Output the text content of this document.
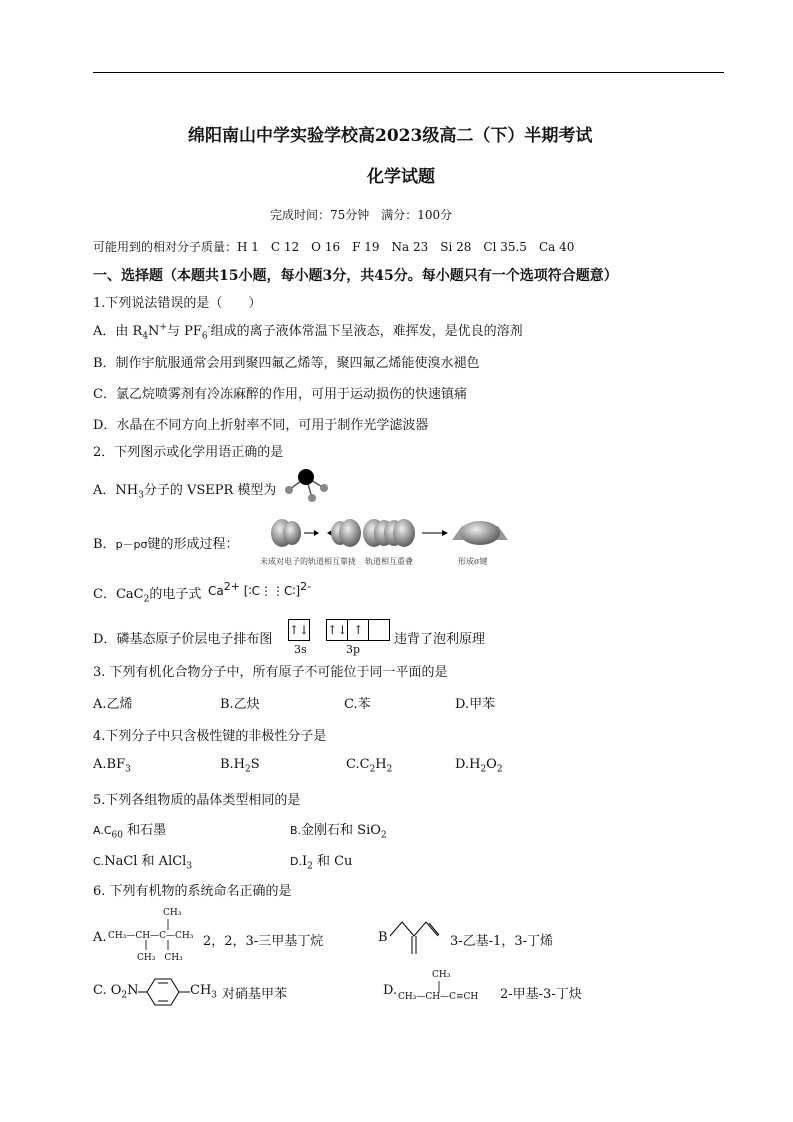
绵阳南山中学实验学校高2023级高二（下）半期考试
化学试题
完成时间：75分钟　满分：100分
可能用到的相对分子质量：H 1　C 12　O 16　F 19　Na 23　Si 28　Cl 35.5　Ca 40
一、选择题（本题共15小题，每小题3分，共45分。每小题只有一个选项符合题意）
1.下列说法错误的是（　　）
A．由 $R_4N^+$与 $PF_6^-$组成的离子液体常温下呈液态，难挥发，是优良的溶剂
B．制作宇航服通常会用到聚四氟乙烯等，聚四氟乙烯能使溴水褪色
C．氯乙烷喷雾剂有冷冻麻醉的作用，可用于运动损伤的快速镇痛
D．水晶在不同方向上折射率不同，可用于制作光学滤波器
2．下列图示或化学用语正确的是
A．$NH_3$分子的 VSEPR 模型为
B．p－pσ键的形成过程：
未成对电子的轨道相互靠拢 轨道相互重叠	形成σ键
C．CaC$_2$的电子式 $Ca^{2+}$ [∶C⋮⋮C∶]$^{2-}$
D．磷基态原子价层电子排布图
↑↓ ↑↓ ↑
3s	3p
违背了泡利原理
3. 下列有机化合物分子中，所有原子不可能位于同一平面的是
A.乙烯	B.乙炔	C.苯	D.甲苯
4.下列分子中只含极性键的非极性分子是
$A.BF_3$	$B.H_2S$	$C.C_2H_2$	$D.H_2O_2$
5.下列各组物质的晶体类型相同的是
$A.C_{60}$ 和石墨	B.金刚石和 SiO$_2$
C.NaCl 和 AlCl$_3$	$D.I_2$ 和 Cu
6. 下列有机物的系统命名正确的是
A.
CH₃
CH₃—CH—C—CH₃
CH₃　CH₃
2，2，3-三甲基丁烷	B	3-乙基-1，3-丁烯
C. $O_2N$	$CH_3$ 对硝基甲苯	D.
CH₃
CH₃—CH—C≡CH 2-甲基-3-丁炔
